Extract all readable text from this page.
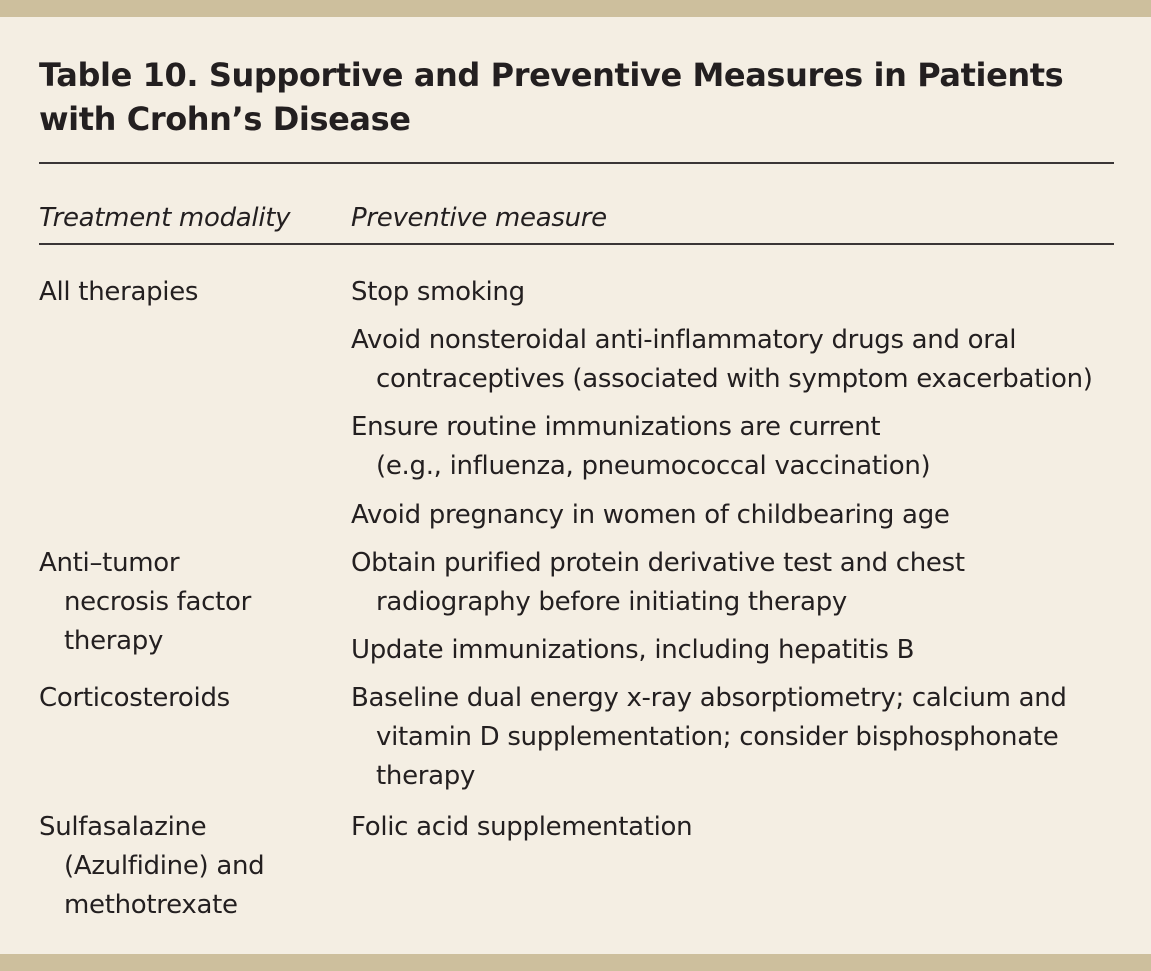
Table 10. Supportive and Preventive Measures in Patients with Crohn’s Disease
Treatment modality Preventive measure
All therapies	Stop smoking
Avoid nonsteroidal anti-inflammatory drugs and oral contraceptives (associated with symptom exacerbation)
Ensure routine immunizations are current (e.g., influenza, pneumococcal vaccination)
Avoid pregnancy in women of childbearing age
Anti–tumor necrosis factor therapy
Obtain purified protein derivative test and chest radiography before initiating therapy
Update immunizations, including hepatitis B
Corticosteroids	Baseline dual energy x-ray absorptiometry; calcium and vitamin D supplementation; consider bisphosphonate therapy
Sulfasalazine (Azulfidine) and methotrexate
Folic acid supplementation
